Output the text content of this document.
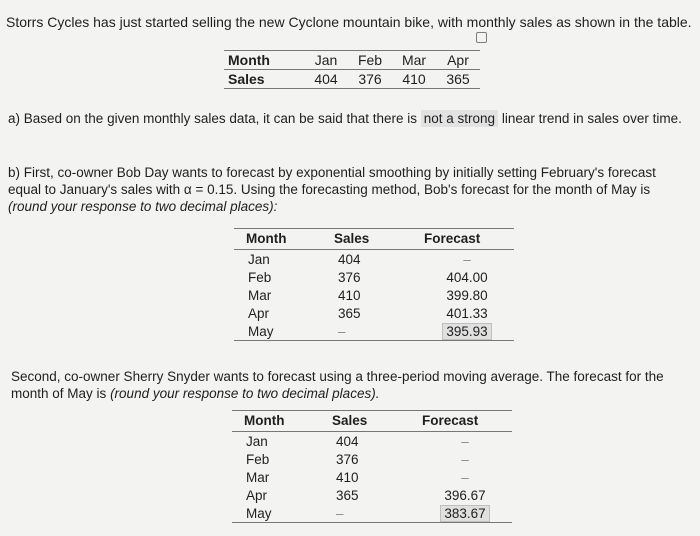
Storrs Cycles has just started selling the new Cyclone mountain bike, with monthly sales as shown in the table.
Month	Jan	Feb	Mar	Apr
Sales	404	376	410	365
a) Based on the given monthly sales data, it can be said that there is not a strong linear trend in sales over time.
b) First, co-owner Bob Day wants to forecast by exponential smoothing by initially setting February's forecast equal to January's sales with α = 0.15. Using the forecasting method, Bob's forecast for the month of May is (round your response to two decimal places):
Month	Sales	Forecast
Jan	404	–
Feb	376	404.00
Mar	410	399.80
Apr	365	401.33
May	–	395.93
Second, co-owner Sherry Snyder wants to forecast using a three-period moving average. The forecast for the month of May is (round your response to two decimal places).
Month	Sales	Forecast
Jan	404	–
Feb	376	–
Mar	410	–
Apr	365	396.67
May	–	383.67
